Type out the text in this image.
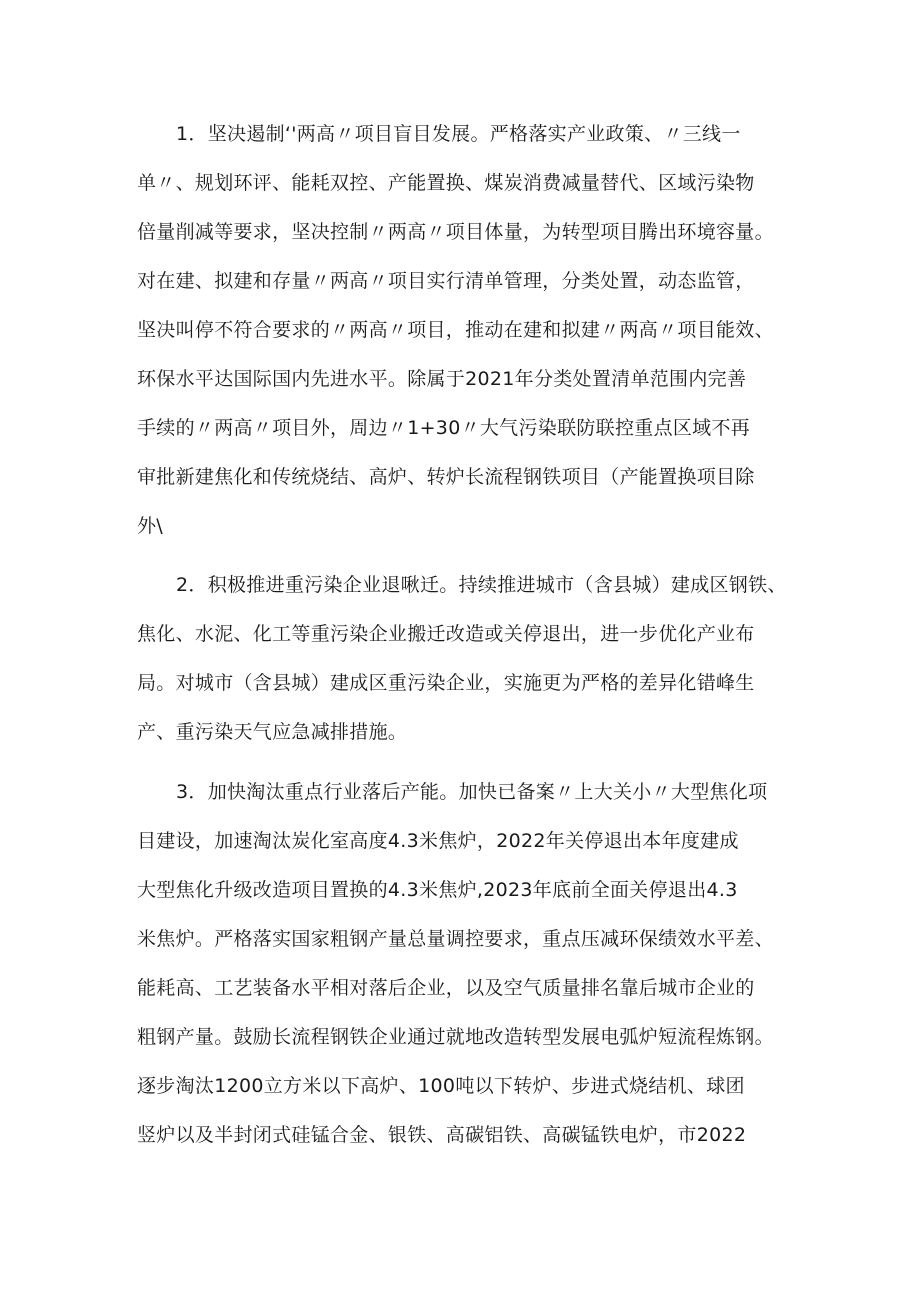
1．坚决遏制‘'两高〃项目盲目发展。严格落实产业政策、〃三线一
单〃、规划环评、能耗双控、产能置换、煤炭消费减量替代、区域污染物
倍量削减等要求，坚决控制〃两高〃项目体量，为转型项目腾出环境容量。
对在建、拟建和存量〃两高〃项目实行清单管理，分类处置，动态监管，
坚决叫停不符合要求的〃两高〃项目，推动在建和拟建〃两高〃项目能效、
环保水平达国际国内先进水平。除属于2021年分类处置清单范围内完善
手续的〃两高〃项目外，周边〃1+30〃大气污染联防联控重点区域不再
审批新建焦化和传统烧结、高炉、转炉长流程钢铁项目（产能置换项目除
外\
2．积极推进重污染企业退啾迁。持续推进城市（含县城）建成区钢铁、
焦化、水泥、化工等重污染企业搬迁改造或关停退出，进一步优化产业布
局。对城市（含县城）建成区重污染企业，实施更为严格的差异化错峰生
产、重污染天气应急减排措施。
3．加快淘汰重点行业落后产能。加快已备案〃上大关小〃大型焦化项
目建设，加速淘汰炭化室高度4.3米焦炉，2022年关停退出本年度建成
大型焦化升级改造项目置换的4.3米焦炉,2023年底前全面关停退出4.3
米焦炉。严格落实国家粗钢产量总量调控要求，重点压减环保绩效水平差、
能耗高、工艺装备水平相对落后企业，以及空气质量排名靠后城市企业的
粗钢产量。鼓励长流程钢铁企业通过就地改造转型发展电弧炉短流程炼钢。
逐步淘汰1200立方米以下高炉、100吨以下转炉、步进式烧结机、球团
竖炉以及半封闭式硅锰合金、银铁、高碳铝铁、高碳锰铁电炉，市2022
